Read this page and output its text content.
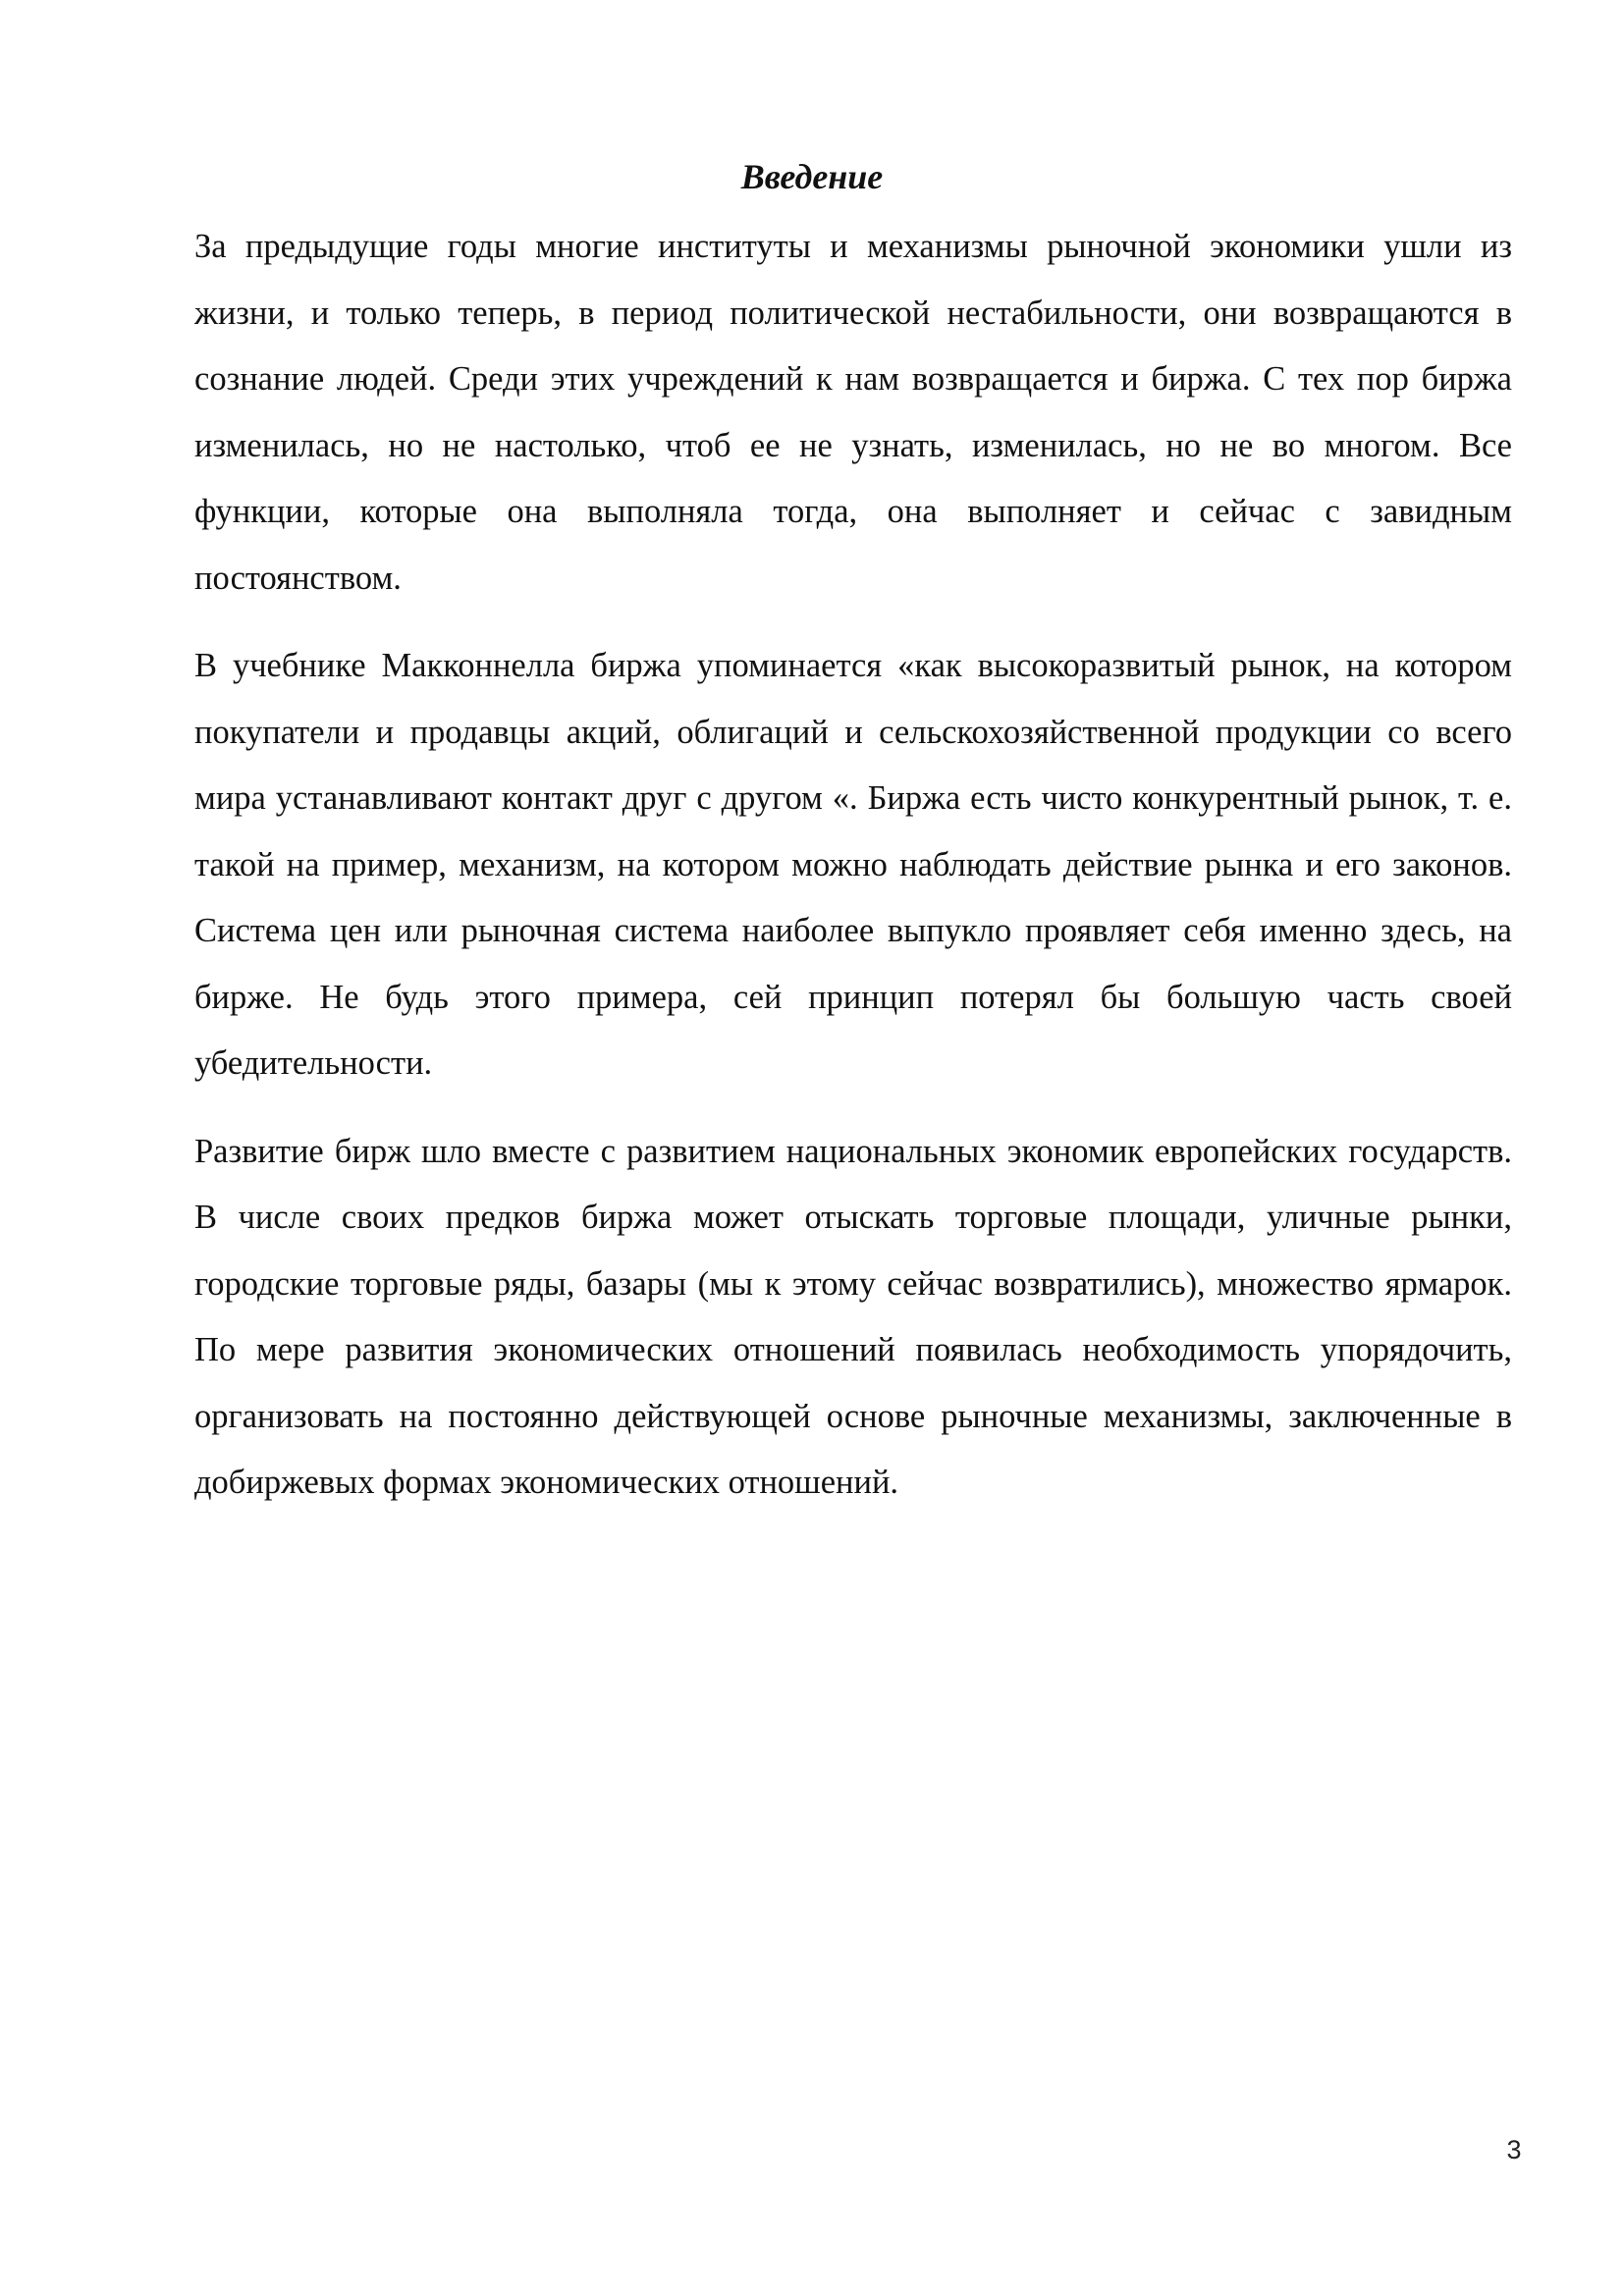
Введение

За предыдущие годы многие институты и механизмы рыночной экономики ушли из жизни, и только теперь, в период политической нестабильности, они возвращаются в сознание людей. Среди этих учреждений к нам возвращается и биржа. С тех пор биржа изменилась, но не настолько, чтоб ее не узнать, изменилась, но не во многом. Все функции, которые она выполняла тогда, она выполняет и сейчас с завидным постоянством.

В учебнике Макконнелла биржа упоминается «как высокоразвитый рынок, на котором покупатели и продавцы акций, облигаций и сельскохозяйственной продукции со всего мира устанавливают контакт друг с другом «. Биржа есть чисто конкурентный рынок, т. е. такой на пример, механизм, на котором можно наблюдать действие рынка и его законов. Система цен или рыночная система наиболее выпукло проявляет себя именно здесь, на бирже. Не будь этого примера, сей принцип потерял бы большую часть своей убедительности.

Развитие бирж шло вместе с развитием национальных экономик европейских государств. В числе своих предков биржа может отыскать торговые площади, уличные рынки, городские торговые ряды, базары (мы к этому сейчас возвратились), множество ярмарок. По мере развития экономических отношений появилась необходимость упорядочить, организовать на постоянно действующей основе рыночные механизмы, заключенные в добиржевых формах экономических отношений.

3
